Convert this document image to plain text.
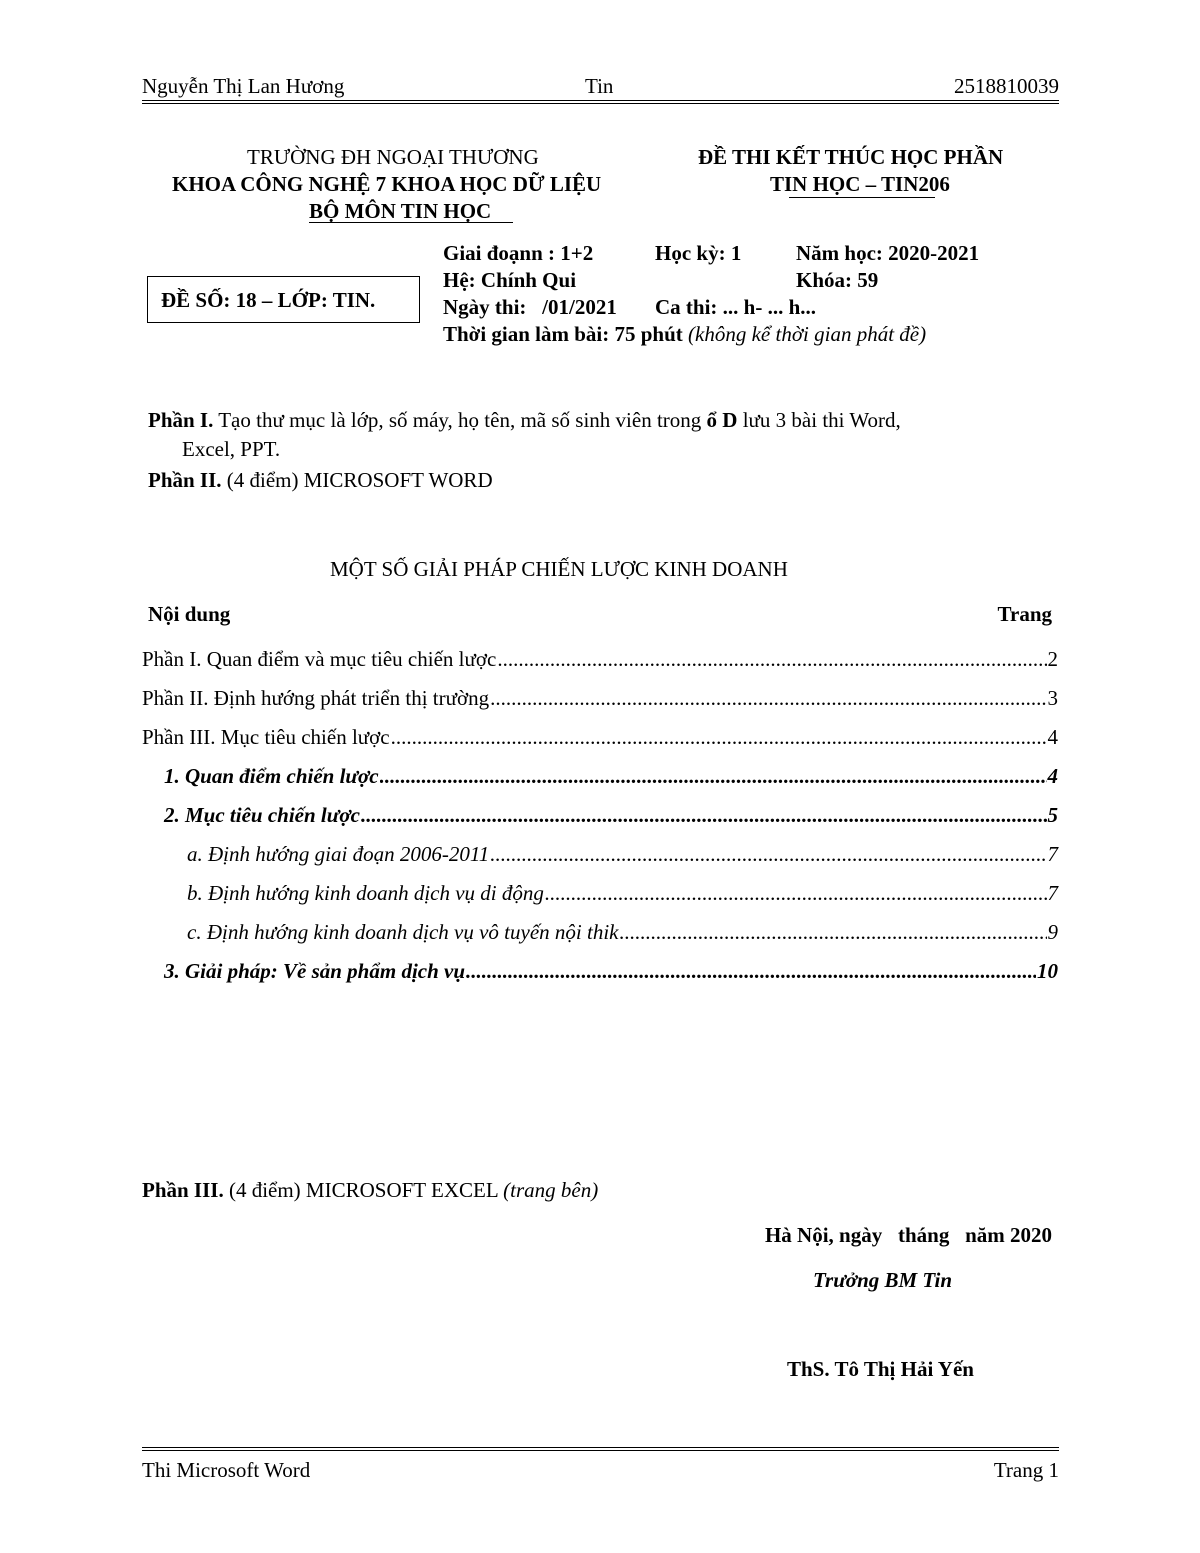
Nguyễn Thị Lan Hương	Tin	2518810039
TRƯỜNG ĐH NGOẠI THƯƠNG
KHOA CÔNG NGHỆ 7 KHOA HỌC DỮ LIỆU
BỘ MÔN TIN HỌC
ĐỀ THI KẾT THÚC HỌC PHẦN
TIN HỌC – TIN206
ĐỀ SỐ: 18 – LỚP: TIN.
Giai đoạnn : 1+2	Học kỳ: 1	Năm học: 2020-2021
Hệ: Chính Qui	Khóa: 59
Ngày thi:   /01/2021 Ca thi: ... h- ... h...
Thời gian làm bài: 75 phút (không kể thời gian phát đề)
Phần I. Tạo thư mục là lớp, số máy, họ tên, mã số sinh viên trong ổ D lưu 3 bài thi Word,
Excel, PPT.
Phần II. (4 điểm) MICROSOFT WORD
MỘT SỐ GIẢI PHÁP CHIẾN LƯỢC KINH DOANH
Nội dung	Trang
Phần I. Quan điểm và mục tiêu chiến lược .....	2
Phần II. Định hướng phát triển thị trường .....	3
Phần III. Mục tiêu chiến lược .....	4
1. Quan điểm chiến lược .....	4
2. Mục tiêu chiến lược .....	5
a. Định hướng giai đoạn 2006-2011 .....	7
b. Định hướng kinh doanh dịch vụ di động .....	7
c. Định hướng kinh doanh dịch vụ vô tuyến nội thik .....	9
3. Giải pháp: Về sản phẩm dịch vụ .....	10
Phần III. (4 điểm) MICROSOFT EXCEL (trang bên)
Hà Nội, ngày   tháng   năm 2020
Trưởng BM Tin
ThS. Tô Thị Hải Yến
Thi Microsoft Word	Trang 1
